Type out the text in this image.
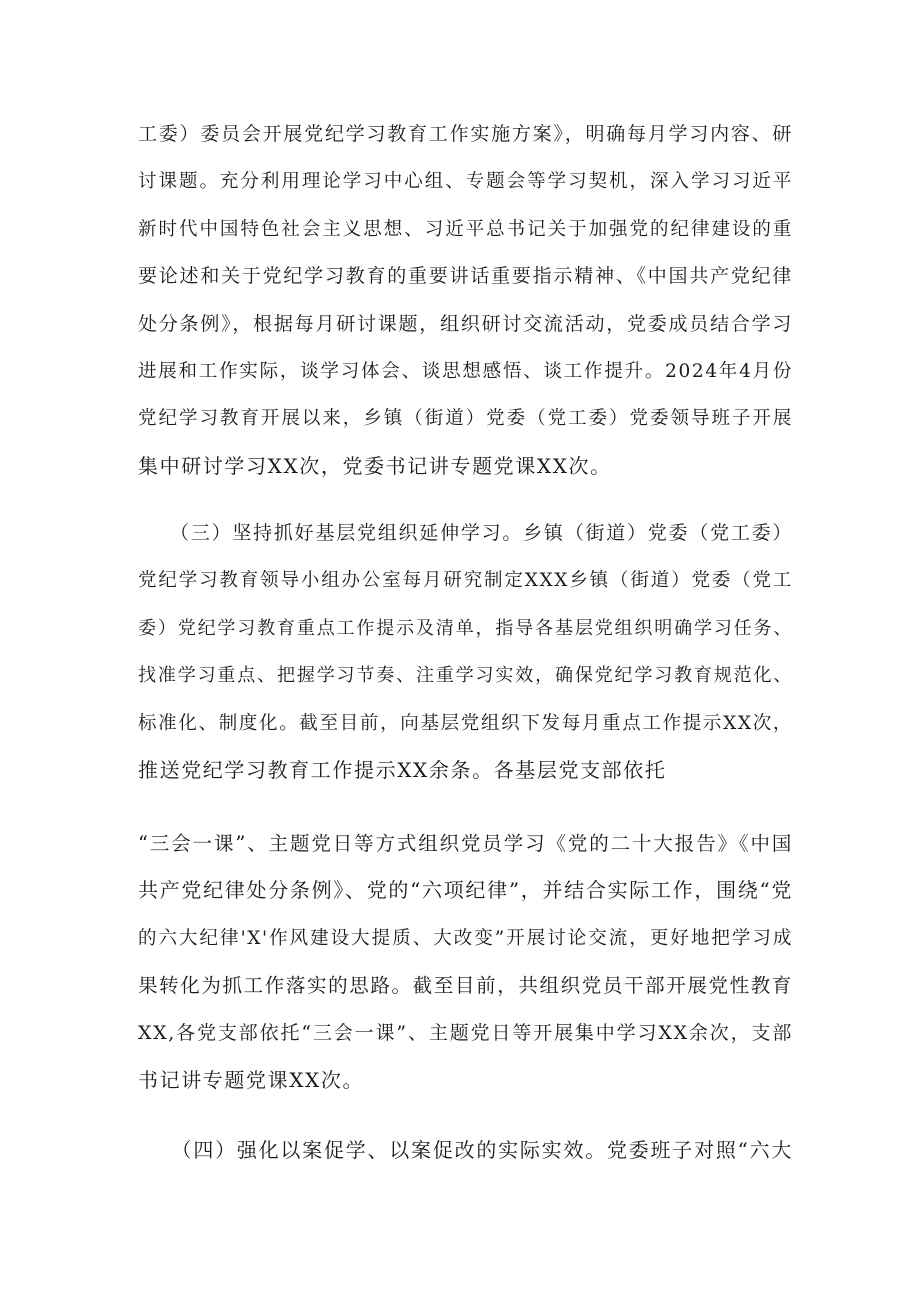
工委）委员会开展党纪学习教育工作实施方案》，明确每月学习内容、研
讨课题。充分利用理论学习中心组、专题会等学习契机，深入学习习近平
新时代中国特色社会主义思想、习近平总书记关于加强党的纪律建设的重
要论述和关于党纪学习教育的重要讲话重要指示精神、《中国共产党纪律
处分条例》，根据每月研讨课题，组织研讨交流活动，党委成员结合学习
进展和工作实际，谈学习体会、谈思想感悟、谈工作提升。2024年4月份
党纪学习教育开展以来，乡镇（街道）党委（党工委）党委领导班子开展
集中研讨学习XX次，党委书记讲专题党课XX次。
　　（三）坚持抓好基层党组织延伸学习。乡镇（街道）党委（党工委）
党纪学习教育领导小组办公室每月研究制定XXX乡镇（街道）党委（党工
委）党纪学习教育重点工作提示及清单，指导各基层党组织明确学习任务、
找准学习重点、把握学习节奏、注重学习实效，确保党纪学习教育规范化、
标准化、制度化。截至目前，向基层党组织下发每月重点工作提示XX次，
推送党纪学习教育工作提示XX余条。各基层党支部依托
“三会一课”、主题党日等方式组织党员学习《党的二十大报告》《中国
共产党纪律处分条例》、党的“六项纪律”，并结合实际工作，围绕“党
的六大纪律'X'作风建设大提质、大改变”开展讨论交流，更好地把学习成
果转化为抓工作落实的思路。截至目前，共组织党员干部开展党性教育
XX,各党支部依托“三会一课”、主题党日等开展集中学习XX余次，支部
书记讲专题党课XX次。
　　（四）强化以案促学、以案促改的实际实效。党委班子对照“六大
